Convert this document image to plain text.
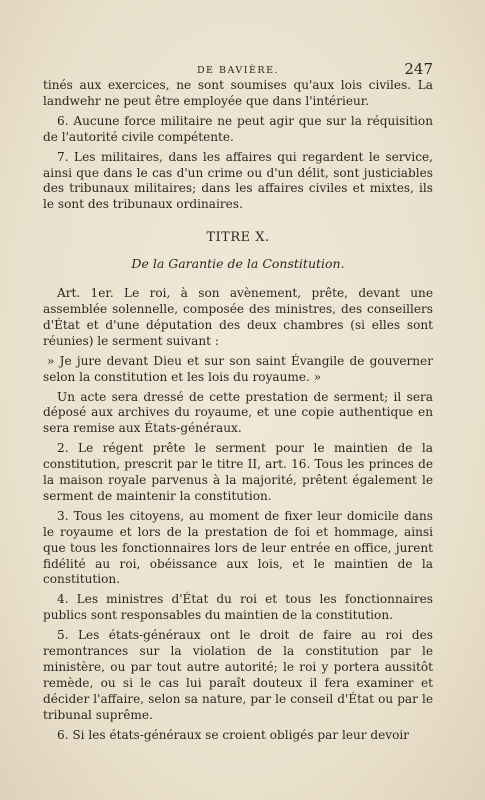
DE BAVIÈRE.	247

tinés aux exercices, ne sont soumises qu'aux lois civiles. La landwehr ne peut être employée que dans l'intérieur.

6. Aucune force militaire ne peut agir que sur la réquisition de l'autorité civile compétente.

7. Les militaires, dans les affaires qui regardent le service, ainsi que dans le cas d'un crime ou d'un délit, sont justiciables des tribunaux militaires; dans les affaires civiles et mixtes, ils le sont des tribunaux ordinaires.

TITRE X.

De la Garantie de la Constitution.

Art. 1er. Le roi, à son avènement, prête, devant une assemblée solennelle, composée des ministres, des conseillers d'État et d'une députation des deux chambres (si elles sont réunies) le serment suivant :

» Je jure devant Dieu et sur son saint Évangile de gouverner selon la constitution et les lois du royaume. »

Un acte sera dressé de cette prestation de serment; il sera déposé aux archives du royaume, et une copie authentique en sera remise aux États-généraux.

2. Le régent prête le serment pour le maintien de la constitution, prescrit par le titre II, art. 16. Tous les princes de la maison royale parvenus à la majorité, prêtent également le serment de maintenir la constitution.

3. Tous les citoyens, au moment de fixer leur domicile dans le royaume et lors de la prestation de foi et hommage, ainsi que tous les fonctionnaires lors de leur entrée en office, jurent fidélité au roi, obéissance aux lois, et le maintien de la constitution.

4. Les ministres d'État du roi et tous les fonctionnaires publics sont responsables du maintien de la constitution.

5. Les états-généraux ont le droit de faire au roi des remontrances sur la violation de la constitution par le ministère, ou par tout autre autorité; le roi y portera aussitôt remède, ou si le cas lui paraît douteux il fera examiner et décider l'affaire, selon sa nature, par le conseil d'État ou par le tribunal suprême.

6. Si les états-généraux se croient obligés par leur devoir
